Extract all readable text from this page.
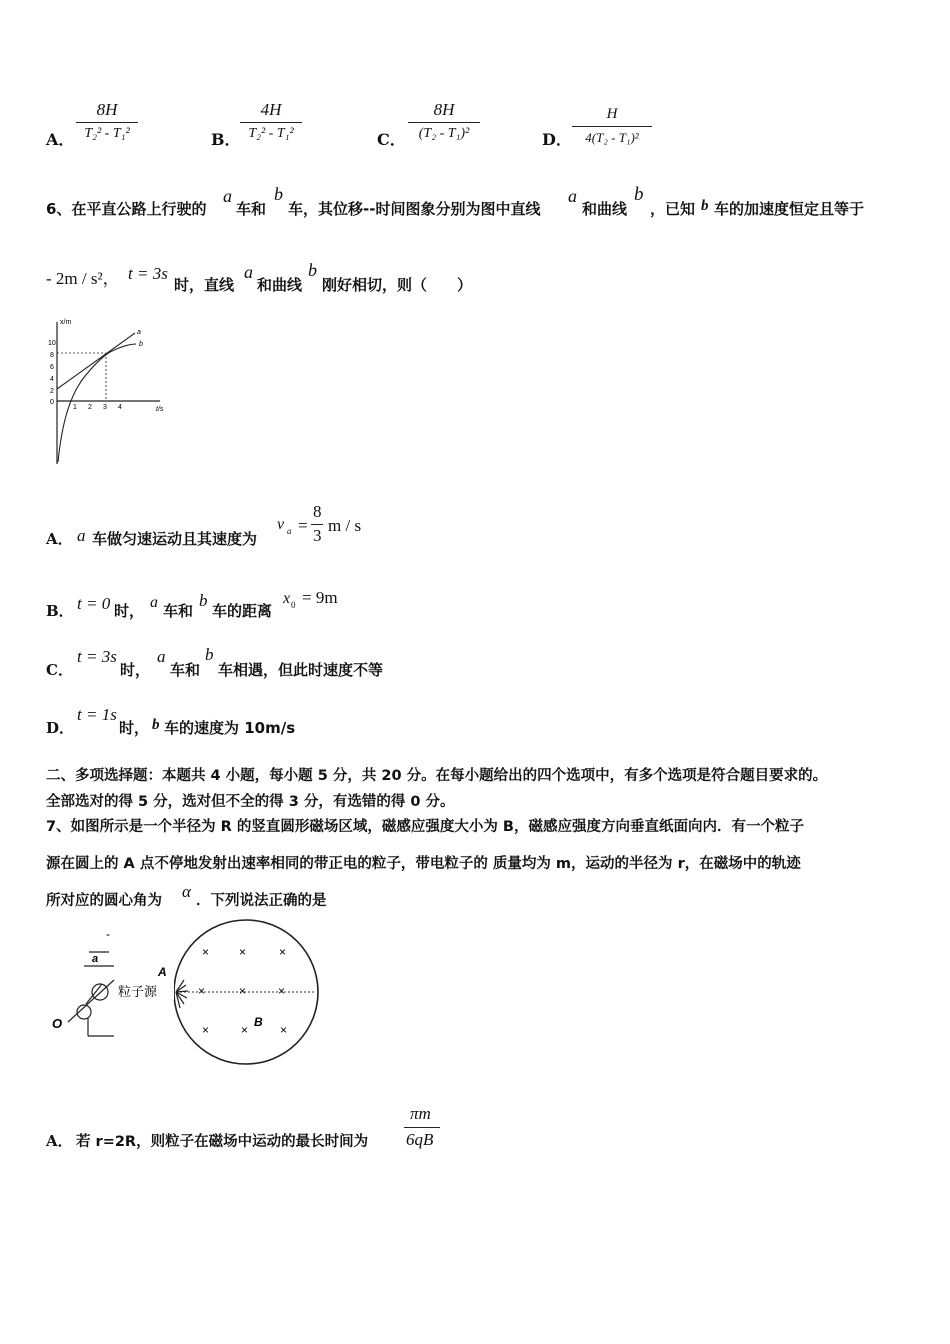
A．
8H
T₂² - T₁²	B．
4H
T₂² - T₁²	C．
8H
(T₂ - T₁)²	D．
H
4(T₂ - T₁)²
6、在平直公路上行驶的
a
车和
b
车，其位移--时间图象分别为图中直线
a
和曲线
b
，已知 b 车的加速度恒定且等于
- 2m / s²， t = 3s
时，直线
a
和曲线
b
刚好相切，则（　　）
x/m
t/s
10
8
6
4
2
0
1 2 3 4
a
b
A． a 车做匀速运动且其速度为
v a =
8
3
m / s
B． t = 0 时， a 车和
b
车的距离
x 0 = 9m
C．
t = 3s
时，
a
车和
b
车相遇，但此时速度不等
D．
t = 1s
时， b 车的速度为 10m/s
二、多项选择题：本题共 4 小题，每小题 5 分，共 20 分。在每小题给出的四个选项中，有多个选项是符合题目要求的。
全部选对的得 5 分，选对但不全的得 3 分，有选错的得 0 分。
7、如图所示是一个半径为 R 的竖直圆形磁场区域，磁感应强度大小为 B，磁感应强度方向垂直纸面向内．有一个粒子
源在圆上的 A 点不停地发射出速率相同的带正电的粒子，带电粒子的 质量均为 m，运动的半径为 r，在磁场中的轨迹
所对应的圆心角为 α ．下列说法正确的是
× ×	×
×	×	×
×	×	×
A
B
粒子源
-
a
O
A． 若 r=2R，则粒子在磁场中运动的最长时间为
πm
6qB
